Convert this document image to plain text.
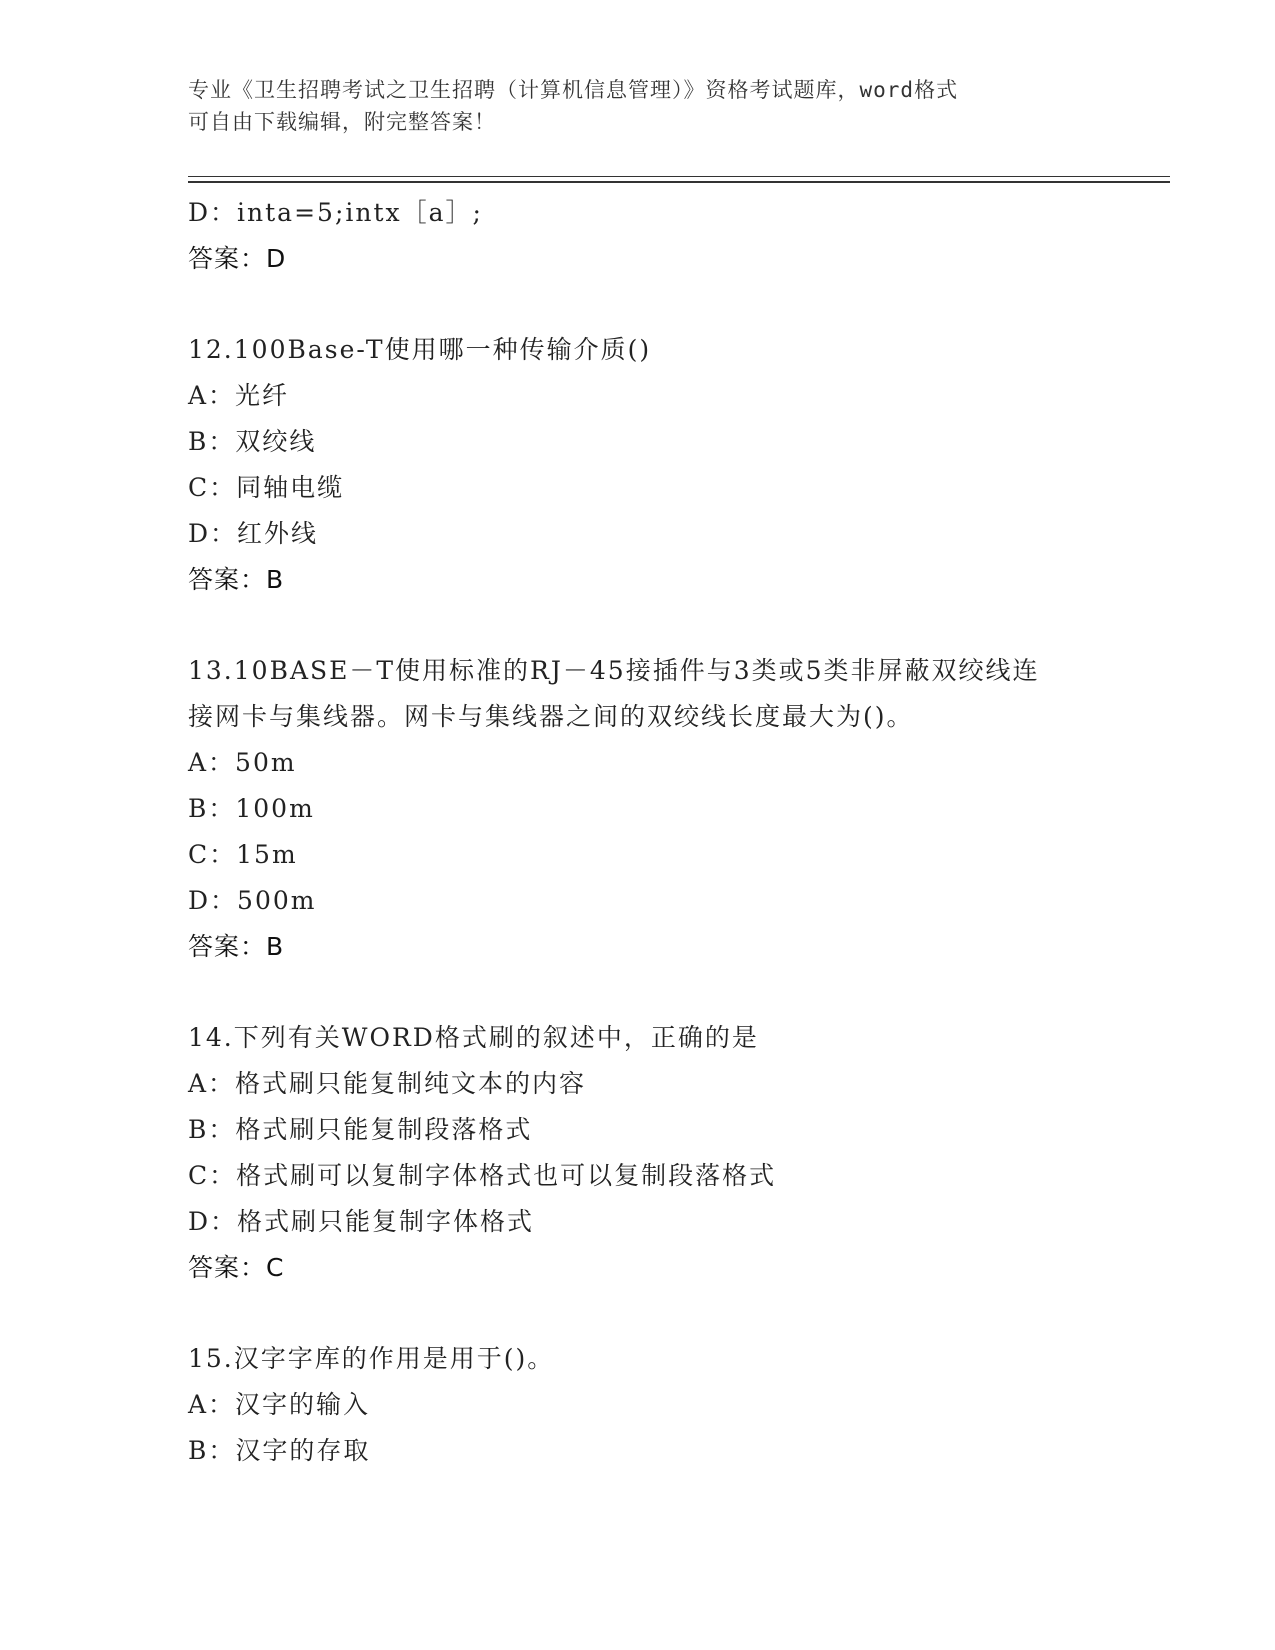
专业《卫生招聘考试之卫生招聘（计算机信息管理）》资格考试题库，word格式
可自由下载编辑，附完整答案！
D：inta=5;intx［a］;
答案：D
12.100Base-T使用哪一种传输介质()
A：光纤
B：双绞线
C：同轴电缆
D：红外线
答案：B
13.10BASE－T使用标准的RJ－45接插件与3类或5类非屏蔽双绞线连
接网卡与集线器。网卡与集线器之间的双绞线长度最大为()。
A：50m
B：100m
C：15m
D：500m
答案：B
14.下列有关WORD格式刷的叙述中，正确的是
A：格式刷只能复制纯文本的内容
B：格式刷只能复制段落格式
C：格式刷可以复制字体格式也可以复制段落格式
D：格式刷只能复制字体格式
答案：C
15.汉字字库的作用是用于()。
A：汉字的输入
B：汉字的存取
